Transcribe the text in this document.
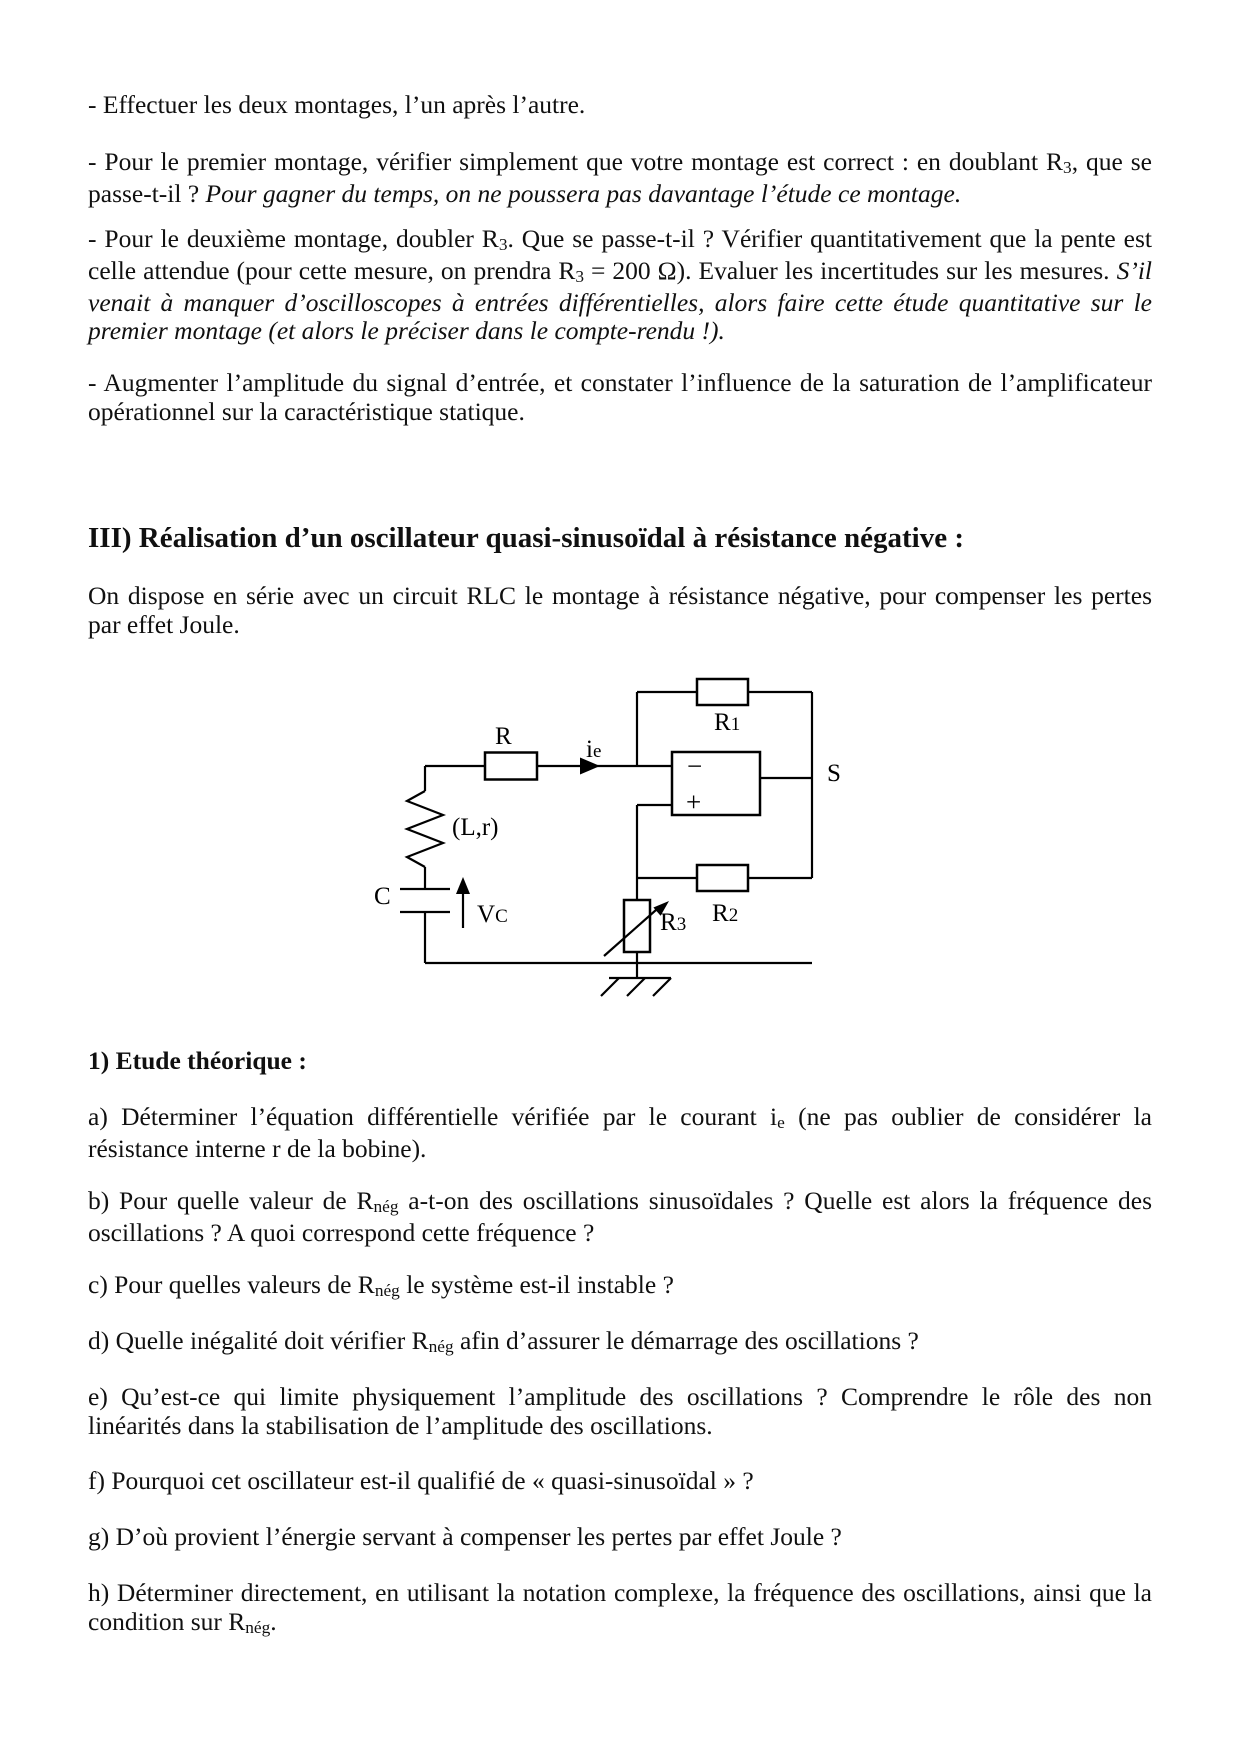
- Effectuer les deux montages, l’un après l’autre.

- Pour le premier montage, vérifier simplement que votre montage est correct : en doublant R3, que se passe-t-il ? Pour gagner du temps, on ne poussera pas davantage l’étude ce montage.

- Pour le deuxième montage, doubler R3. Que se passe-t-il ? Vérifier quantitativement que la pente est celle attendue (pour cette mesure, on prendra R3 = 200 Ω). Evaluer les incertitudes sur les mesures. S’il venait à manquer d’oscilloscopes à entrées différentielles, alors faire cette étude quantitative sur le premier montage (et alors le préciser dans le compte-rendu !).

- Augmenter l’amplitude du signal d’entrée, et constater l’influence de la saturation de l’amplificateur opérationnel sur la caractéristique statique.

III) Réalisation d’un oscillateur quasi-sinusoïdal à résistance négative :

On dispose en série avec un circuit RLC le montage à résistance négative, pour compenser les pertes par effet Joule.

R	ie
(L,r)
C
VC
R1
S
−
+
R2
R3
1) Etude théorique :

a) Déterminer l’équation différentielle vérifiée par le courant ie (ne pas oublier de considérer la résistance interne r de la bobine).

b) Pour quelle valeur de Rnég a-t-on des oscillations sinusoïdales ? Quelle est alors la fréquence des oscillations ? A quoi correspond cette fréquence ?

c) Pour quelles valeurs de Rnég le système est-il instable ?

d) Quelle inégalité doit vérifier Rnég afin d’assurer le démarrage des oscillations ?

e) Qu’est-ce qui limite physiquement l’amplitude des oscillations ? Comprendre le rôle des non linéarités dans la stabilisation de l’amplitude des oscillations.

f) Pourquoi cet oscillateur est-il qualifié de « quasi-sinusoïdal » ?

g) D’où provient l’énergie servant à compenser les pertes par effet Joule ?

h) Déterminer directement, en utilisant la notation complexe, la fréquence des oscillations, ainsi que la condition sur Rnég.
